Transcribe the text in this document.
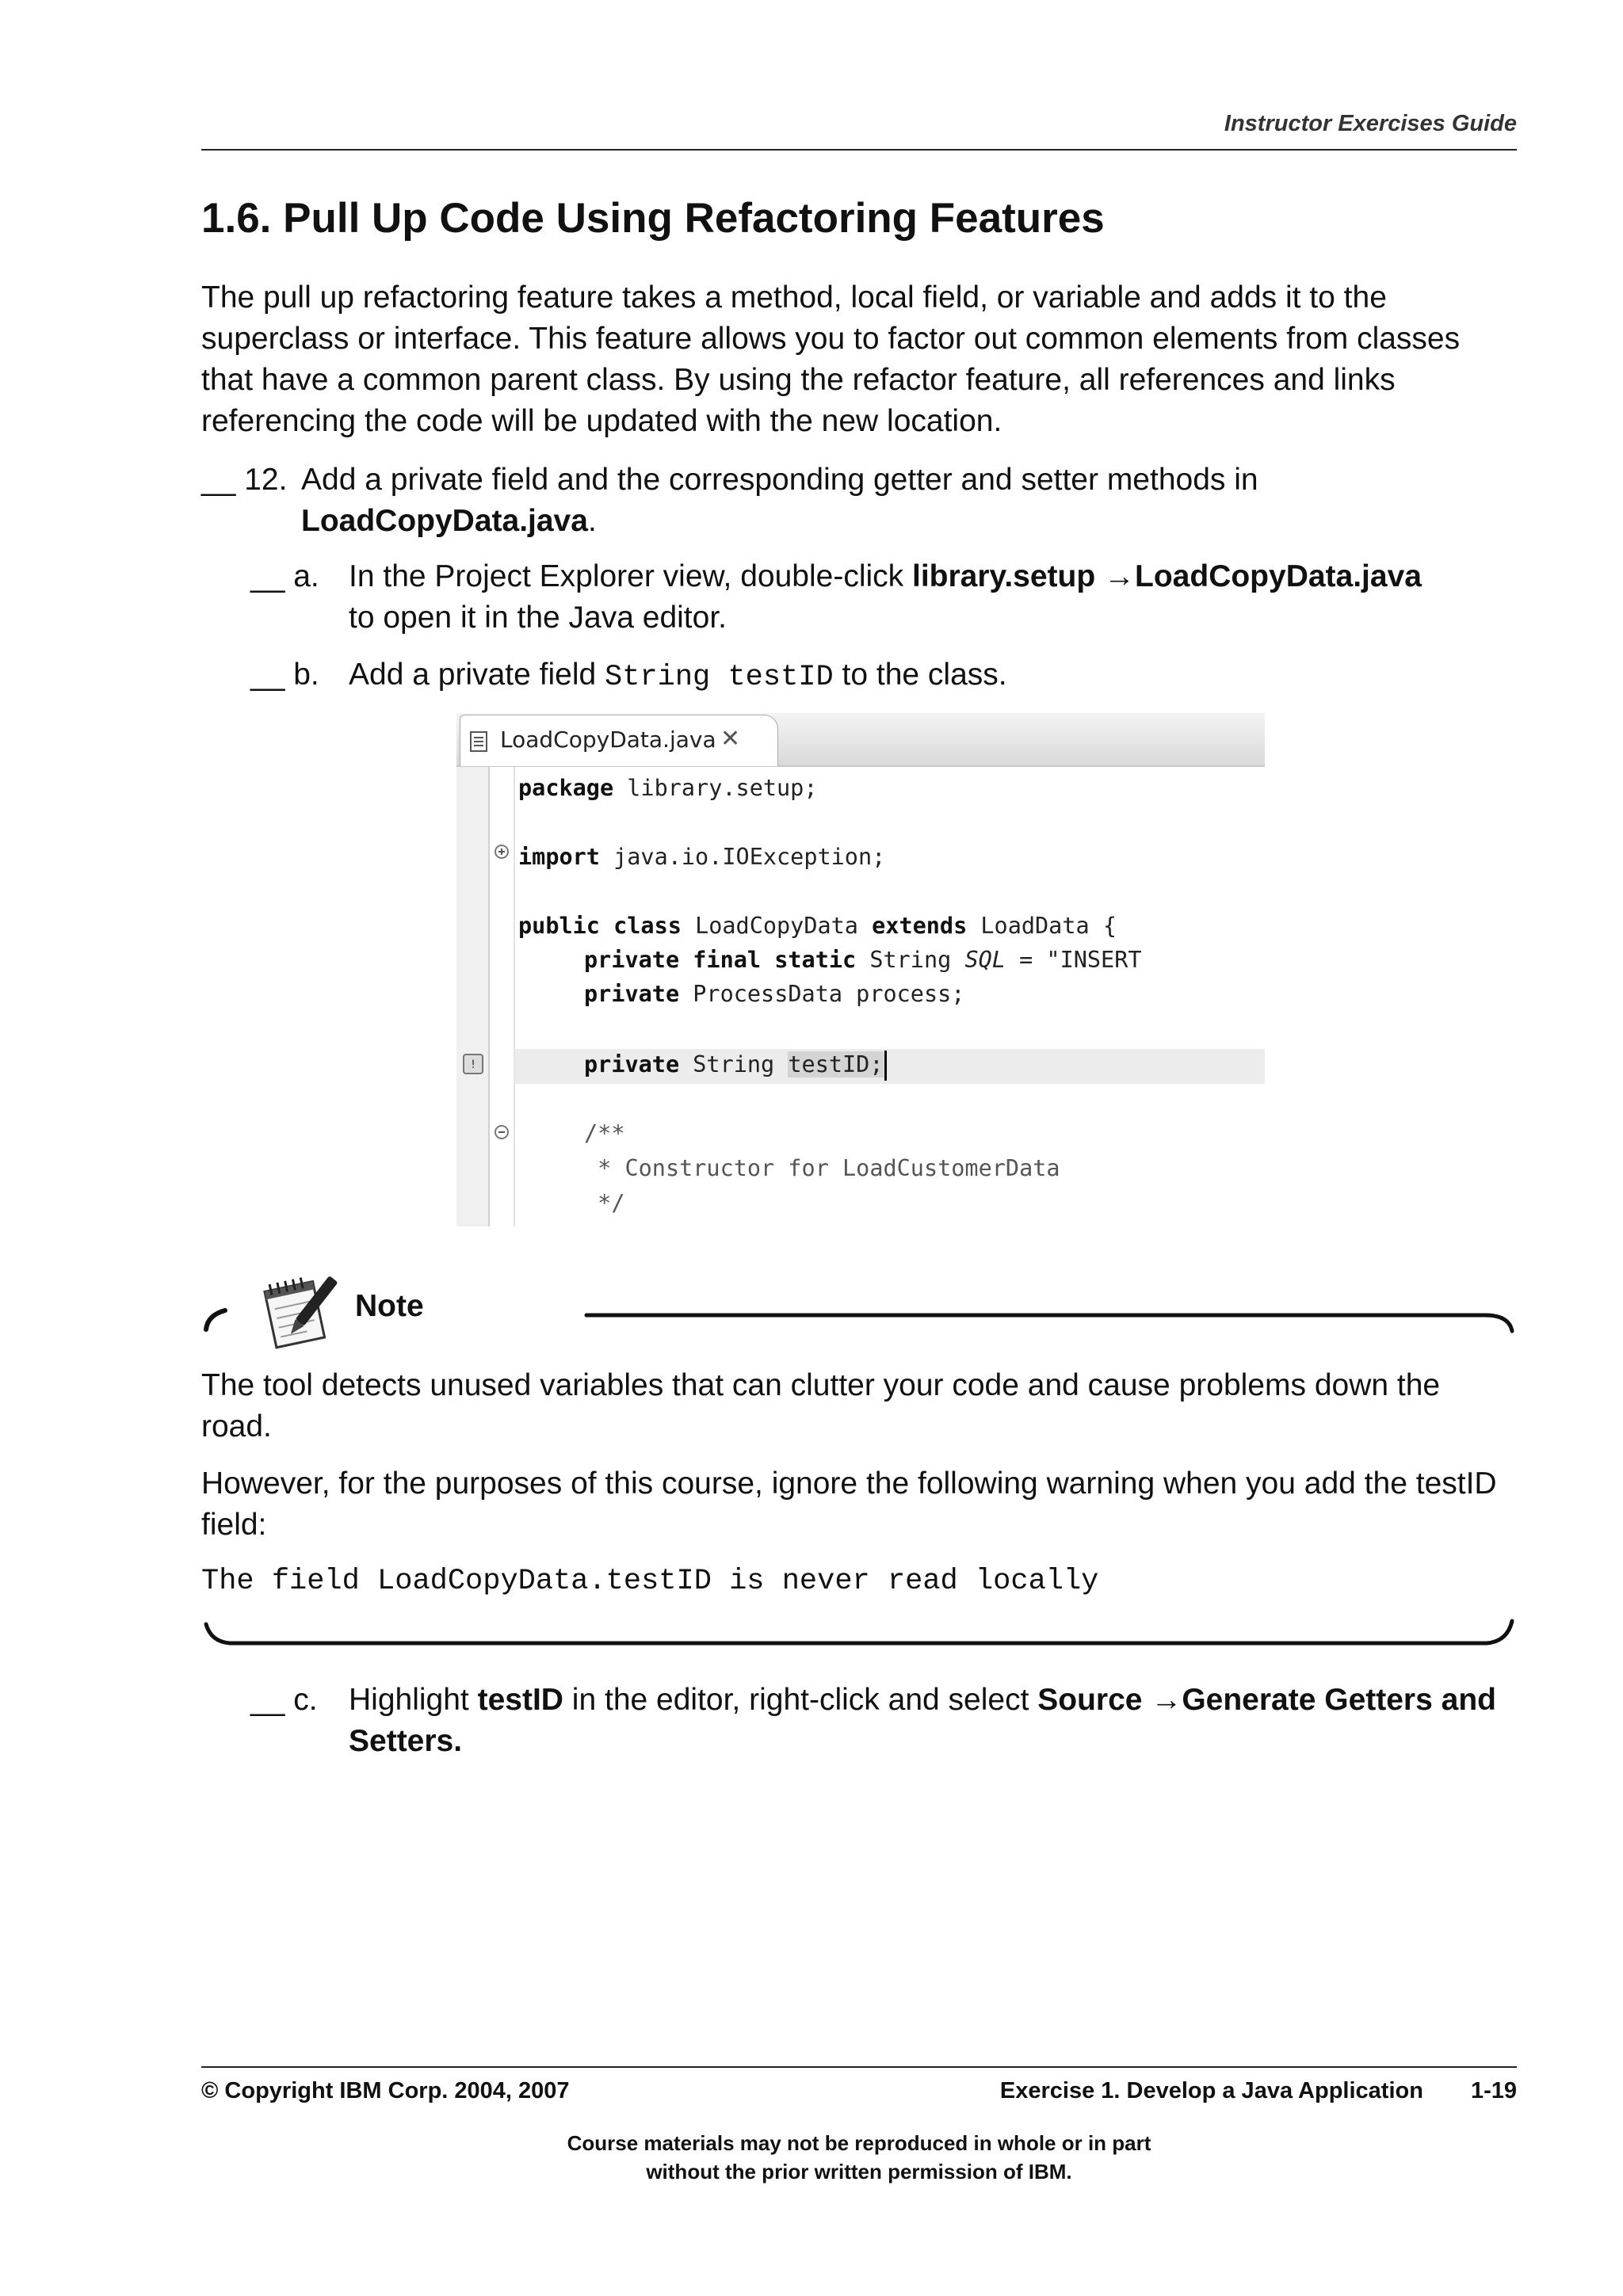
Instructor Exercises Guide
1.6. Pull Up Code Using Refactoring Features

The pull up refactoring feature takes a method, local field, or variable and adds it to the superclass or interface. This feature allows you to factor out common elements from classes that have a common parent class. By using the refactor feature, all references and links referencing the code will be updated with the new location.

__ 12. Add a private field and the corresponding getter and setter methods in
LoadCopyData.java.
__ a. In the Project Explorer view, double-click library.setup →LoadCopyData.java
to open it in the Java editor.
__ b. Add a private field String testID to the class.
LoadCopyData.java ✕
!
package library.setup;
import java.io.IOException;
public class LoadCopyData extends LoadData {
private final static String SQL = "INSERT
private ProcessData process;
private String testID;
/**
* Constructor for LoadCustomerData
*/
Note

The tool detects unused variables that can clutter your code and cause problems down the road.

However, for the purposes of this course, ignore the following warning when you add the testID field:

The field LoadCopyData.testID is never read locally
__ c. Highlight testID in the editor, right-click and select Source →Generate Getters and Setters.
© Copyright IBM Corp. 2004, 2007	Exercise 1. Develop a Java Application 1-19
Course materials may not be reproduced in whole or in part
without the prior written permission of IBM.
